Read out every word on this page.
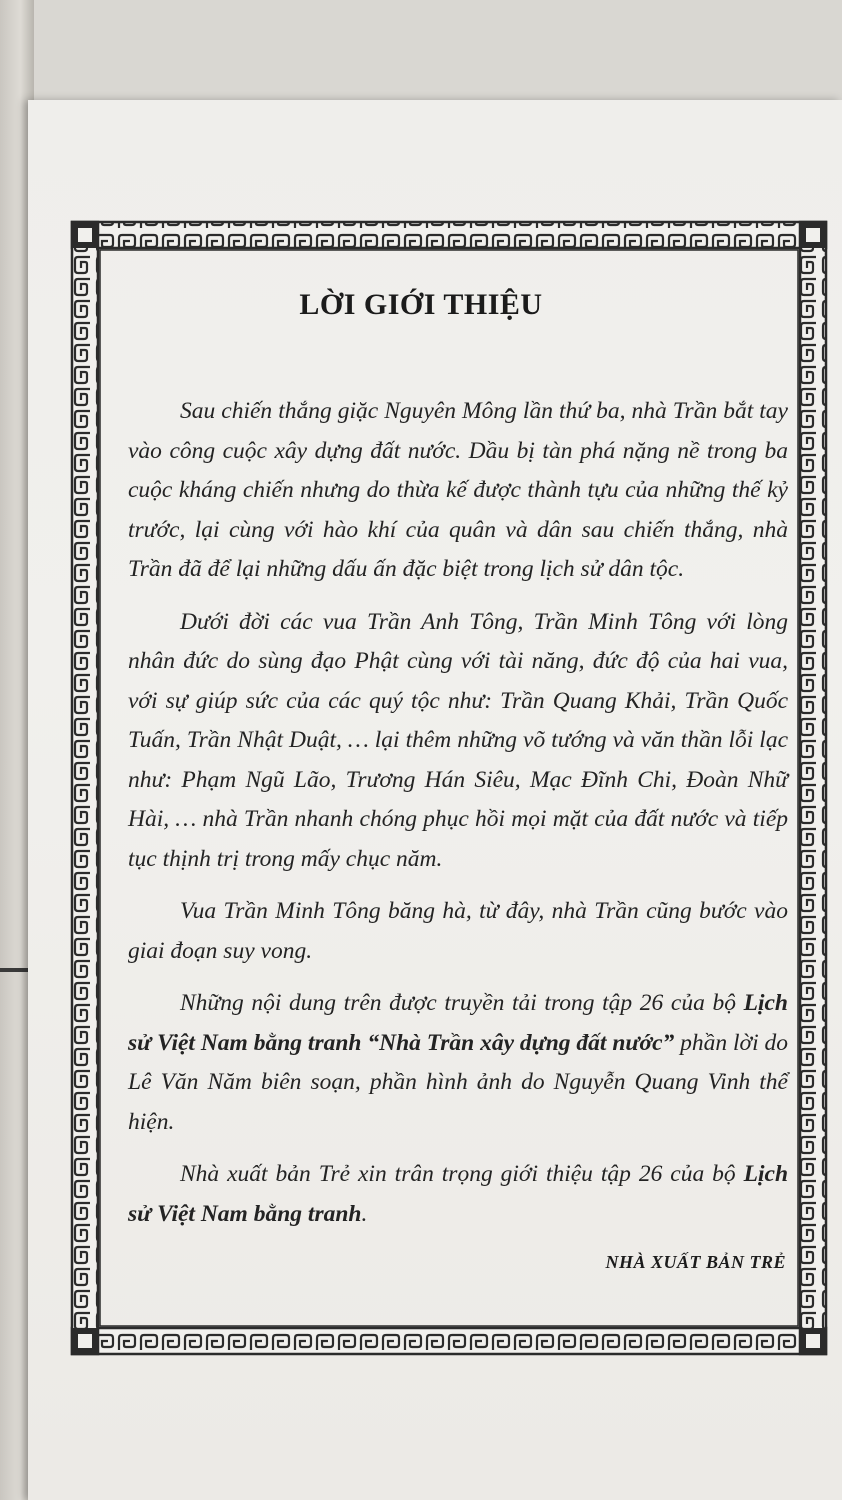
LỜI GIỚI THIỆU

Sau chiến thắng giặc Nguyên Mông lần thứ ba, nhà Trần bắt tay vào công cuộc xây dựng đất nước. Dầu bị tàn phá nặng nề trong ba cuộc kháng chiến nhưng do thừa kế được thành tựu của những thế kỷ trước, lại cùng với hào khí của quân và dân sau chiến thắng, nhà Trần đã để lại những dấu ấn đặc biệt trong lịch sử dân tộc.

Dưới đời các vua Trần Anh Tông, Trần Minh Tông với lòng nhân đức do sùng đạo Phật cùng với tài năng, đức độ của hai vua, với sự giúp sức của các quý tộc như: Trần Quang Khải, Trần Quốc Tuấn, Trần Nhật Duật, … lại thêm những võ tướng và văn thần lỗi lạc như: Phạm Ngũ Lão, Trương Hán Siêu, Mạc Đĩnh Chi, Đoàn Nhữ Hài, … nhà Trần nhanh chóng phục hồi mọi mặt của đất nước và tiếp tục thịnh trị trong mấy chục năm.

Vua Trần Minh Tông băng hà, từ đây, nhà Trần cũng bước vào giai đoạn suy vong.

Những nội dung trên được truyền tải trong tập 26 của bộ Lịch sử Việt Nam bằng tranh “Nhà Trần xây dựng đất nước” phần lời do Lê Văn Năm biên soạn, phần hình ảnh do Nguyễn Quang Vinh thể hiện.

Nhà xuất bản Trẻ xin trân trọng giới thiệu tập 26 của bộ Lịch sử Việt Nam bằng tranh.

NHÀ XUẤT BẢN TRẺ
